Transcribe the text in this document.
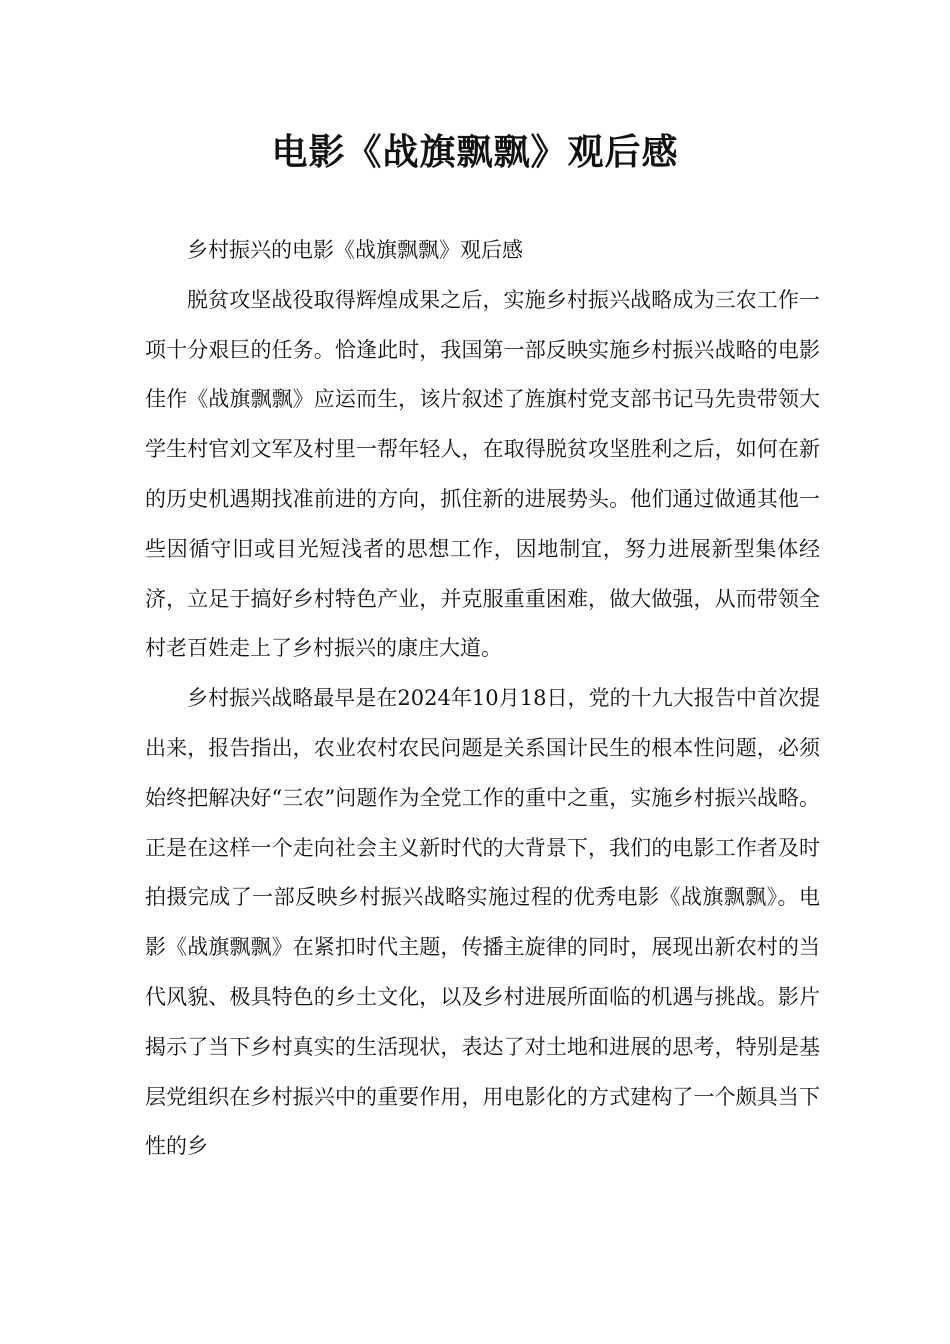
电影《战旗飘飘》观后感

乡村振兴的电影《战旗飘飘》观后感

脱贫攻坚战役取得辉煌成果之后，实施乡村振兴战略成为三农工作一项十分艰巨的任务。恰逢此时，我国第一部反映实施乡村振兴战略的电影佳作《战旗飘飘》应运而生，该片叙述了旌旗村党支部书记马先贵带领大学生村官刘文军及村里一帮年轻人，在取得脱贫攻坚胜利之后，如何在新的历史机遇期找准前进的方向，抓住新的进展势头。他们通过做通其他一些因循守旧或目光短浅者的思想工作，因地制宜，努力进展新型集体经济，立足于搞好乡村特色产业，并克服重重困难，做大做强，从而带领全村老百姓走上了乡村振兴的康庄大道。

乡村振兴战略最早是在2024年10月18日，党的十九大报告中首次提出来，报告指出，农业农村农民问题是关系国计民生的根本性问题，必须始终把解决好“三农”问题作为全党工作的重中之重，实施乡村振兴战略。正是在这样一个走向社会主义新时代的大背景下，我们的电影工作者及时拍摄完成了一部反映乡村振兴战略实施过程的优秀电影《战旗飘飘》。电影《战旗飘飘》在紧扣时代主题，传播主旋律的同时，展现出新农村的当代风貌、极具特色的乡土文化，以及乡村进展所面临的机遇与挑战。影片揭示了当下乡村真实的生活现状，表达了对土地和进展的思考，特别是基层党组织在乡村振兴中的重要作用，用电影化的方式建构了一个颇具当下性的乡
